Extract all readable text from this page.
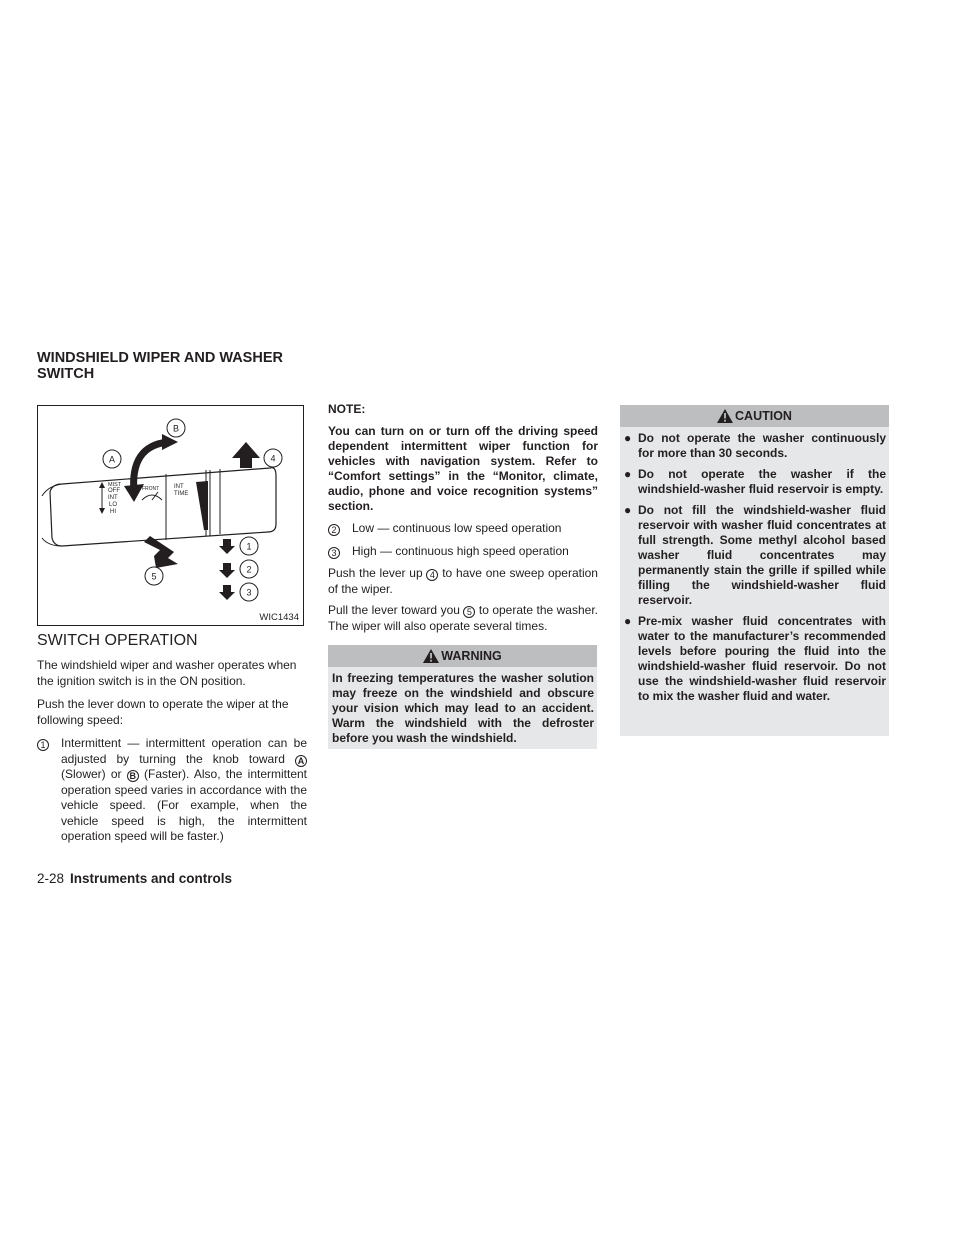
WINDSHIELD WIPER AND WASHER SWITCH
MIST
OFF
INT
LO
HI
FRONT INT
TIME
A
B
1
2
3
4
5
WIC1434
SWITCH OPERATION

The windshield wiper and washer operates when the ignition switch is in the ON position.

Push the lever down to operate the wiper at the following speed:

1	Intermittent — intermittent operation can be adjusted by turning the knob toward A (Slower) or B (Faster). Also, the intermittent operation speed varies in accordance with the vehicle speed. (For example, when the vehicle speed is high, the intermittent operation speed will be faster.)
2-28 Instruments and controls
NOTE:

You can turn on or turn off the driving speed dependent intermittent wiper function for vehicles with navigation system. Refer to “Comfort settings” in the “Monitor, climate, audio, phone and voice recognition systems” section.

2	Low — continuous low speed operation
3	High — continuous high speed operation

Push the lever up 4 to have one sweep operation of the wiper.

Pull the lever toward you 5 to operate the washer. The wiper will also operate several times.

WARNING
In freezing temperatures the washer solution may freeze on the windshield and obscure your vision which may lead to an accident. Warm the windshield with the defroster before you wash the windshield.
CAUTION
● Do not operate the washer continuously for more than 30 seconds.
● Do not operate the washer if the windshield-washer fluid reservoir is empty.
● Do not fill the windshield-washer fluid reservoir with washer fluid concentrates at full strength. Some methyl alcohol based washer fluid concentrates may permanently stain the grille if spilled while filling the windshield-washer fluid reservoir.
● Pre-mix washer fluid concentrates with water to the manufacturer’s recommended levels before pouring the fluid into the windshield-washer fluid reservoir. Do not use the windshield-washer fluid reservoir to mix the washer fluid and water.
